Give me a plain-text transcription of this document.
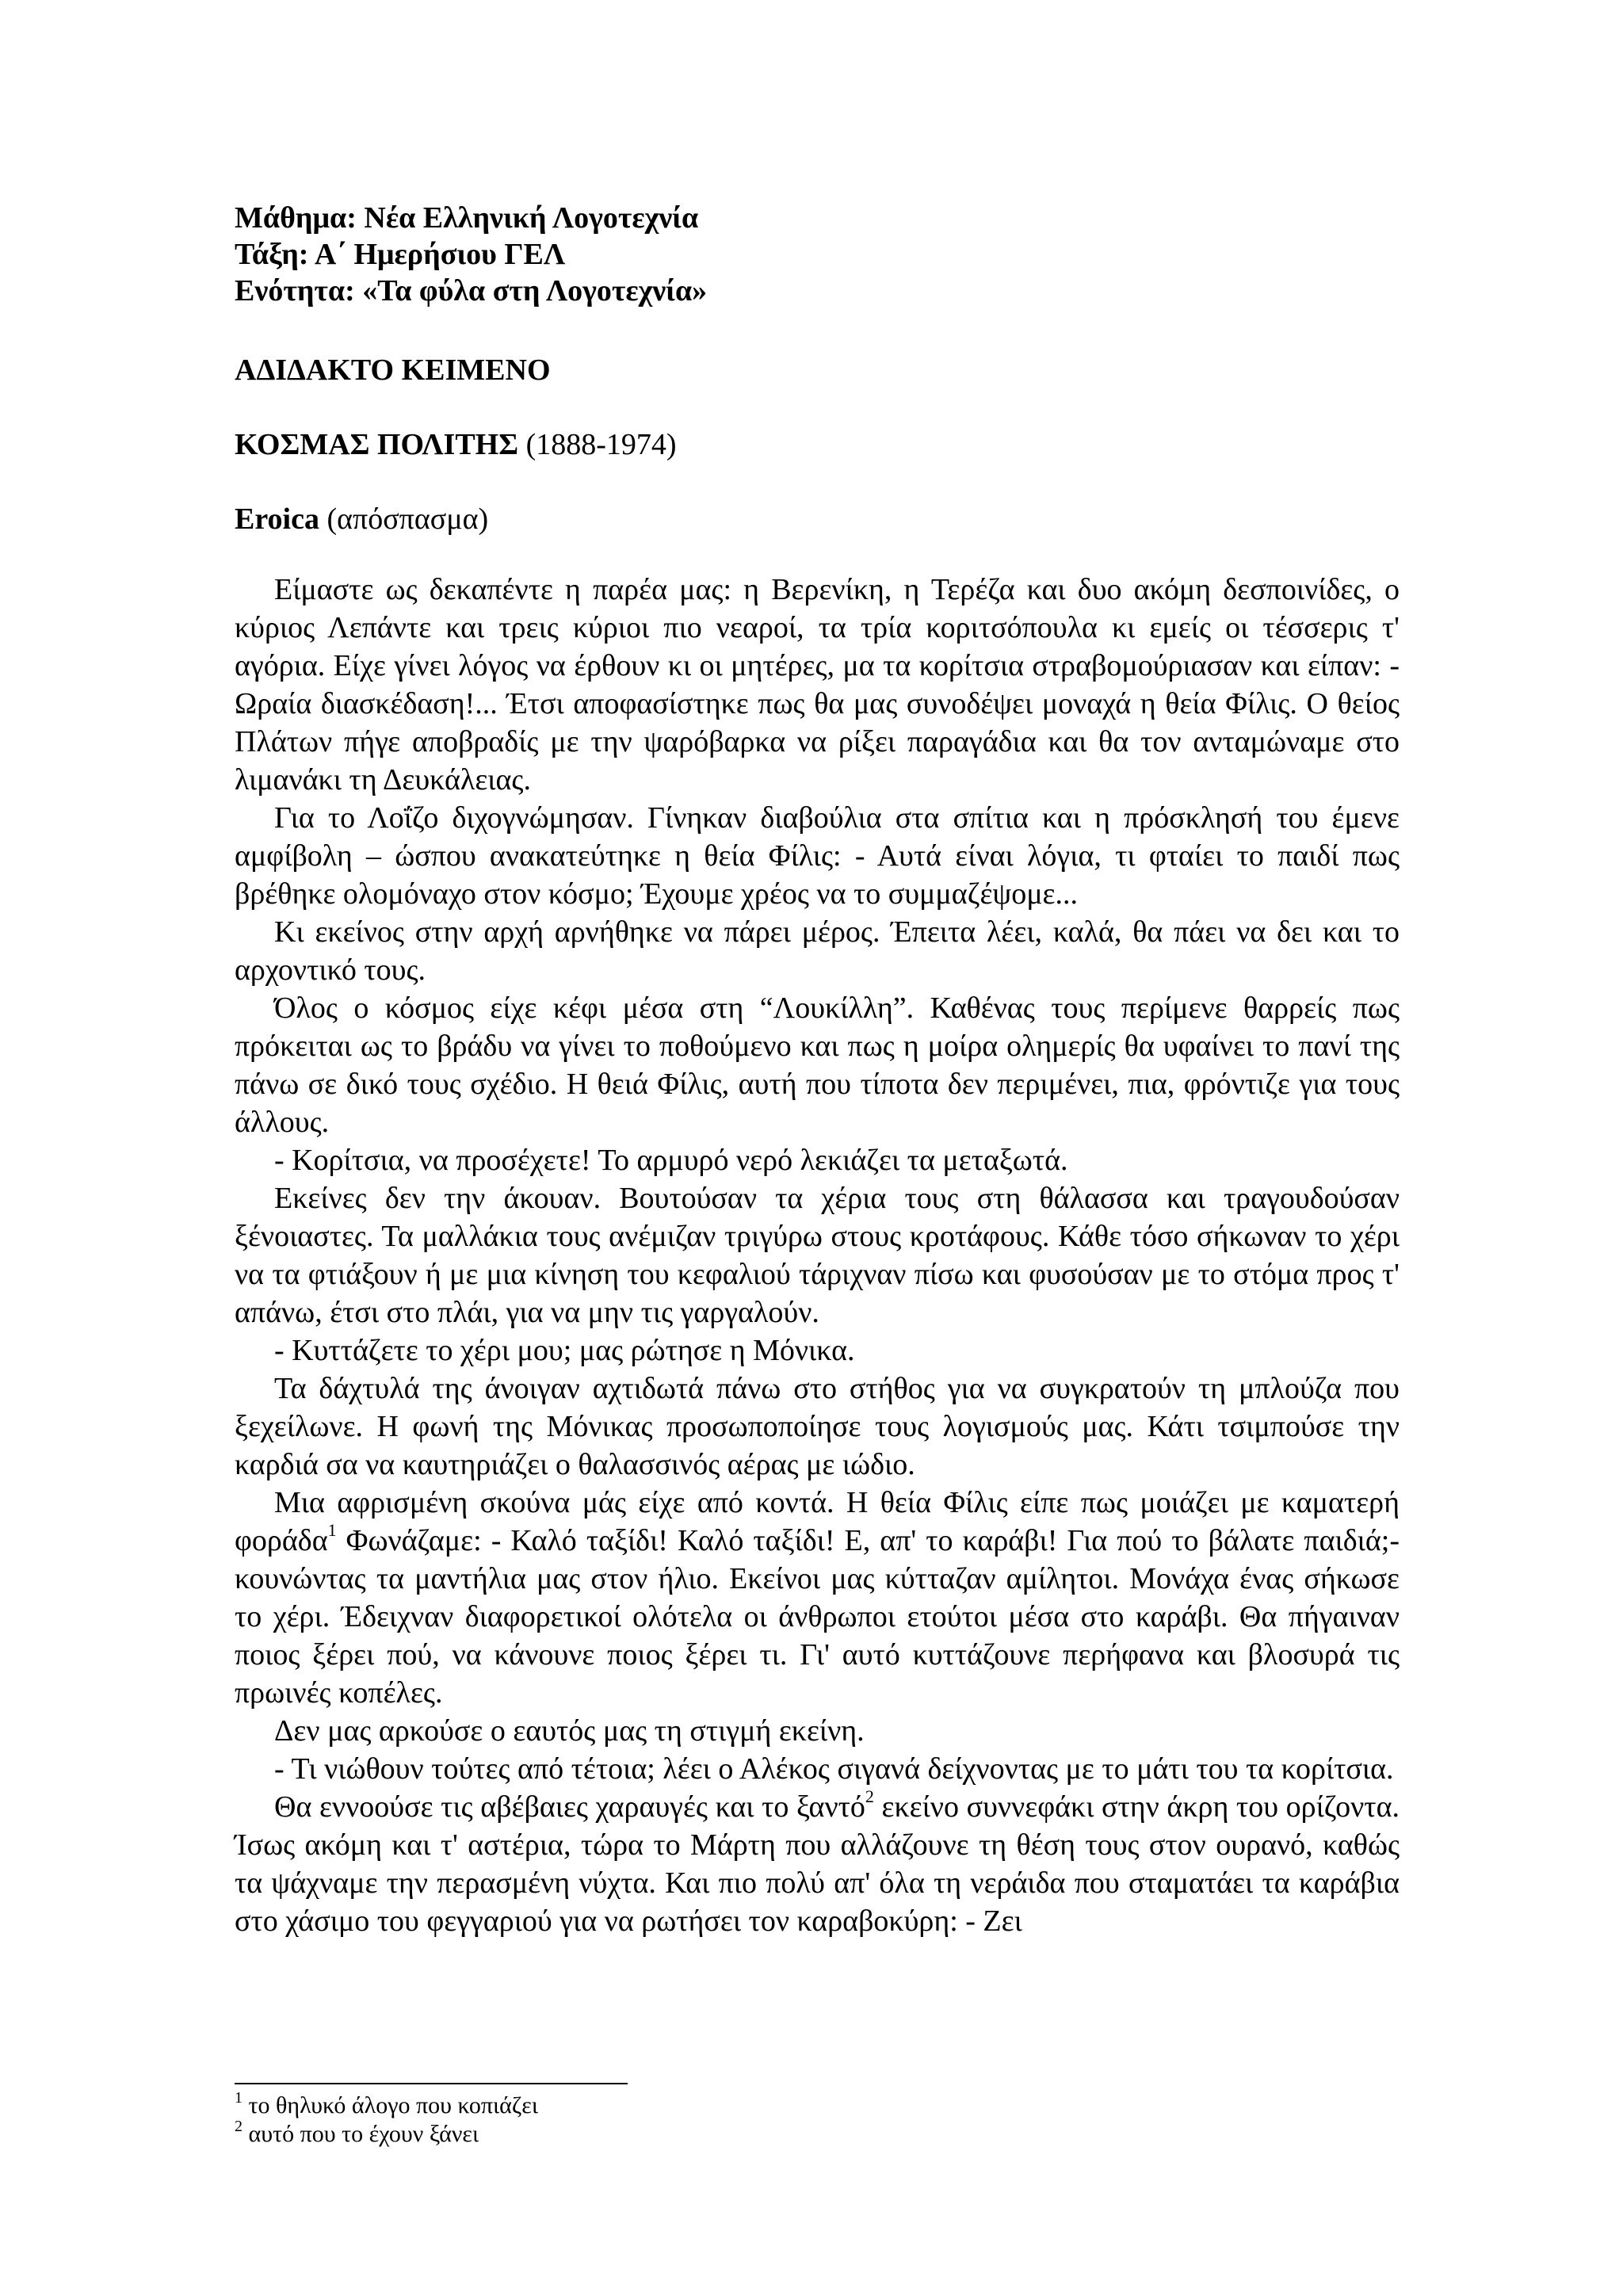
Μάθημα: Νέα Ελληνική Λογοτεχνία

Τάξη: Α΄ Ημερήσιου ΓΕΛ

Ενότητα: «Τα φύλα στη Λογοτεχνία»

ΑΔΙΔΑΚΤΟ ΚΕΙΜΕΝΟ

ΚΟΣΜΑΣ ΠΟΛΙΤΗΣ (1888-1974)

Eroica (απόσπασμα)

Είμαστε ως δεκαπέντε η παρέα μας: η Βερενίκη, η Τερέζα και δυο ακόμη δεσποινίδες, ο κύριος Λεπάντε και τρεις κύριοι πιο νεαροί, τα τρία κοριτσόπουλα κι εμείς οι τέσσερις τ' αγόρια. Είχε γίνει λόγος να έρθουν κι οι μητέρες, μα τα κορίτσια στραβομούριασαν και είπαν: - Ωραία διασκέδαση!... Έτσι αποφασίστηκε πως θα μας συνοδέψει μοναχά η θεία Φίλις. Ο θείος Πλάτων πήγε αποβραδίς με την ψαρόβαρκα να ρίξει παραγάδια και θα τον ανταμώναμε στο λιμανάκι τη Δευκάλειας.

Για το Λοΐζο διχογνώμησαν. Γίνηκαν διαβούλια στα σπίτια και η πρόσκλησή του έμενε αμφίβολη – ώσπου ανακατεύτηκε η θεία Φίλις: - Αυτά είναι λόγια, τι φταίει το παιδί πως βρέθηκε ολομόναχο στον κόσμο; Έχουμε χρέος να το συμμαζέψομε...

Κι εκείνος στην αρχή αρνήθηκε να πάρει μέρος. Έπειτα λέει, καλά, θα πάει να δει και το αρχοντικό τους.

Όλος ο κόσμος είχε κέφι μέσα στη “Λουκίλλη”. Καθένας τους περίμενε θαρρείς πως πρόκειται ως το βράδυ να γίνει το ποθούμενο και πως η μοίρα ολημερίς θα υφαίνει το πανί της πάνω σε δικό τους σχέδιο. Η θειά Φίλις, αυτή που τίποτα δεν περιμένει, πια, φρόντιζε για τους άλλους.

- Κορίτσια, να προσέχετε! Το αρμυρό νερό λεκιάζει τα μεταξωτά.

Εκείνες δεν την άκουαν. Βουτούσαν τα χέρια τους στη θάλασσα και τραγουδούσαν ξένοιαστες. Τα μαλλάκια τους ανέμιζαν τριγύρω στους κροτάφους. Κάθε τόσο σήκωναν το χέρι να τα φτιάξουν ή με μια κίνηση του κεφαλιού τάριχναν πίσω και φυσούσαν με το στόμα προς τ' απάνω, έτσι στο πλάι, για να μην τις γαργαλούν.

- Κυττάζετε το χέρι μου; μας ρώτησε η Μόνικα.

Τα δάχτυλά της άνοιγαν αχτιδωτά πάνω στο στήθος για να συγκρατούν τη μπλούζα που ξεχείλωνε. Η φωνή της Μόνικας προσωποποίησε τους λογισμούς μας. Κάτι τσιμπούσε την καρδιά σα να καυτηριάζει ο θαλασσινός αέρας με ιώδιο.

Μια αφρισμένη σκούνα μάς είχε από κοντά. Η θεία Φίλις είπε πως μοιάζει με καματερή φοράδα$^1$ Φωνάζαμε: - Καλό ταξίδι! Καλό ταξίδι! Ε, απ' το καράβι! Για πού το βάλατε παιδιά;- κουνώντας τα μαντήλια μας στον ήλιο. Εκείνοι μας κύτταζαν αμίλητοι. Μονάχα ένας σήκωσε το χέρι. Έδειχναν διαφορετικοί ολότελα οι άνθρωποι ετούτοι μέσα στο καράβι. Θα πήγαιναν ποιος ξέρει πού, να κάνουνε ποιος ξέρει τι. Γι' αυτό κυττάζουνε περήφανα και βλοσυρά τις πρωινές κοπέλες.

Δεν μας αρκούσε ο εαυτός μας τη στιγμή εκείνη.

- Τι νιώθουν τούτες από τέτοια; λέει ο Αλέκος σιγανά δείχνοντας με το μάτι του τα κορίτσια.

Θα εννοούσε τις αβέβαιες χαραυγές και το ξαντό$^2$ εκείνο συννεφάκι στην άκρη του ορίζοντα. Ίσως ακόμη και τ' αστέρια, τώρα το Μάρτη που αλλάζουνε τη θέση τους στον ουρανό, καθώς τα ψάχναμε την περασμένη νύχτα. Και πιο πολύ απ' όλα τη νεράιδα που σταματάει τα καράβια στο χάσιμο του φεγγαριού για να ρωτήσει τον καραβοκύρη: - Ζει

$^1$ το θηλυκό άλογο που κοπιάζει
$^2$ αυτό που το έχουν ξάνει
